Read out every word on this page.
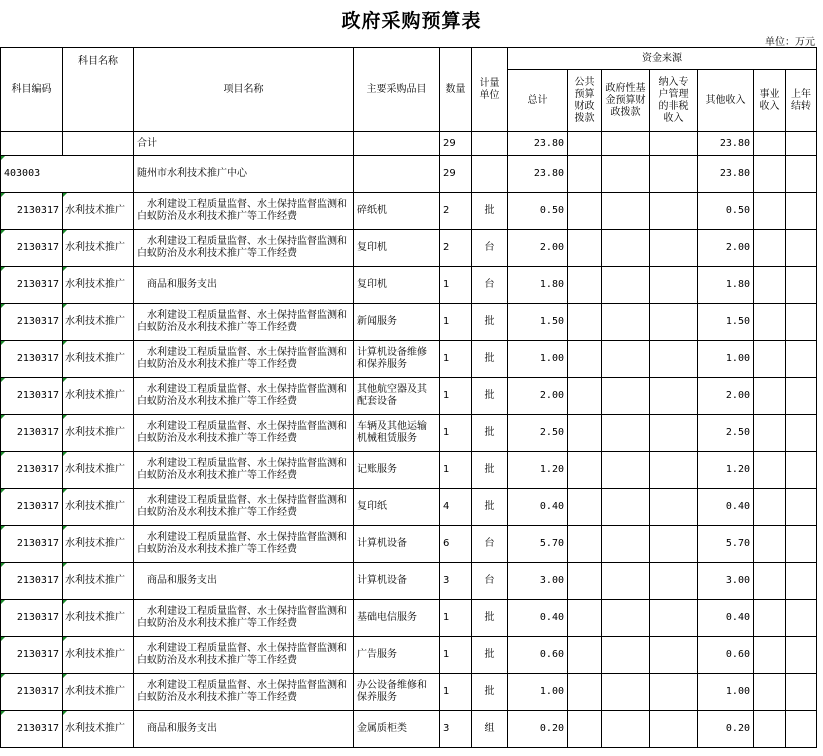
政府采购预算表
单位：万元
科目编码	科目名称	项目名称	主要采购品目	数量	计量单位	资金来源						
						总计	公共预算财政拨款	政府性基金预算财政拨款	纳入专户管理的非税收入	其他收入	事业收入	上年结转
		合计		29		23.80				23.80		
403003		随州市水利技术推广中心		29		23.80				23.80		
2130317	水利技术推广	水利建设工程质量监督、水土保持监督监测和白蚁防治及水利技术推广等工作经费	碎纸机	2	批	0.50				0.50		
2130317	水利技术推广	水利建设工程质量监督、水土保持监督监测和白蚁防治及水利技术推广等工作经费	复印机	2	台	2.00				2.00		
2130317	水利技术推广	商品和服务支出	复印机	1	台	1.80				1.80		
2130317	水利技术推广	水利建设工程质量监督、水土保持监督监测和白蚁防治及水利技术推广等工作经费	新闻服务	1	批	1.50				1.50		
2130317	水利技术推广	水利建设工程质量监督、水土保持监督监测和白蚁防治及水利技术推广等工作经费	计算机设备维修和保养服务	1	批	1.00				1.00		
2130317	水利技术推广	水利建设工程质量监督、水土保持监督监测和白蚁防治及水利技术推广等工作经费	其他航空器及其配套设备	1	批	2.00				2.00		
2130317	水利技术推广	水利建设工程质量监督、水土保持监督监测和白蚁防治及水利技术推广等工作经费	车辆及其他运输机械租赁服务	1	批	2.50				2.50		
2130317	水利技术推广	水利建设工程质量监督、水土保持监督监测和白蚁防治及水利技术推广等工作经费	记账服务	1	批	1.20				1.20		
2130317	水利技术推广	水利建设工程质量监督、水土保持监督监测和白蚁防治及水利技术推广等工作经费	复印纸	4	批	0.40				0.40		
2130317	水利技术推广	水利建设工程质量监督、水土保持监督监测和白蚁防治及水利技术推广等工作经费	计算机设备	6	台	5.70				5.70		
2130317	水利技术推广	商品和服务支出	计算机设备	3	台	3.00				3.00		
2130317	水利技术推广	水利建设工程质量监督、水土保持监督监测和白蚁防治及水利技术推广等工作经费	基础电信服务	1	批	0.40				0.40		
2130317	水利技术推广	水利建设工程质量监督、水土保持监督监测和白蚁防治及水利技术推广等工作经费	广告服务	1	批	0.60				0.60		
2130317	水利技术推广	水利建设工程质量监督、水土保持监督监测和白蚁防治及水利技术推广等工作经费	办公设备维修和保养服务	1	批	1.00				1.00		
2130317	水利技术推广	商品和服务支出	金属质柜类	3	组	0.20				0.20		
